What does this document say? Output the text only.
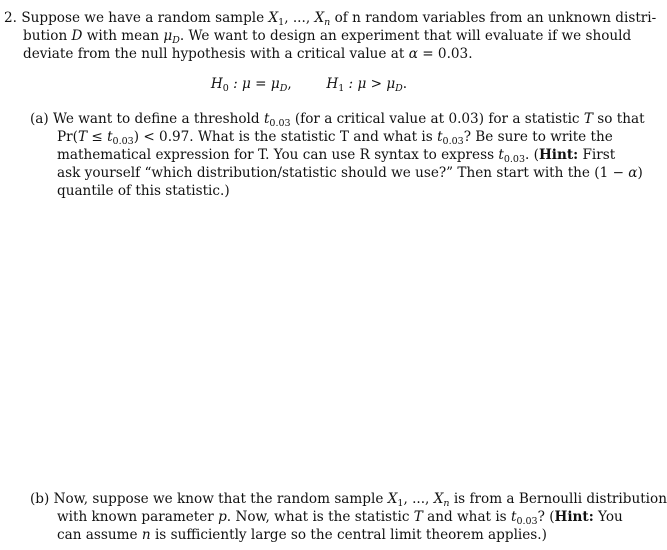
2. Suppose we have a random sample $X_1$, ..., $X_n$ of n random variables from an unknown distri-
bution D with mean $\mu_D$. We want to design an experiment that will evaluate if we should
deviate from the null hypothesis with a critical value at α = 0.03.
$H_0$ : $\mu = \mu_D$,	$H_1$ : $\mu > \mu_D$.
(a) We want to define a threshold $t_{0.03}$ (for a critical value at 0.03) for a statistic T so that
$Pr(T \le t_{0.03}) < 0.97$. What is the statistic T and what is $t_{0.03}$? Be sure to write the
mathematical expression for T. You can use R syntax to express $t_{0.03}$. (Hint: First
ask yourself “which distribution/statistic should we use?” Then start with the (1 − α)
quantile of this statistic.)
(b) Now, suppose we know that the random sample $X_1$, ..., $X_n$ is from a Bernoulli distribution
with known parameter p. Now, what is the statistic T and what is $t_{0.03}$? (Hint: You
can assume n is sufficiently large so the central limit theorem applies.)
